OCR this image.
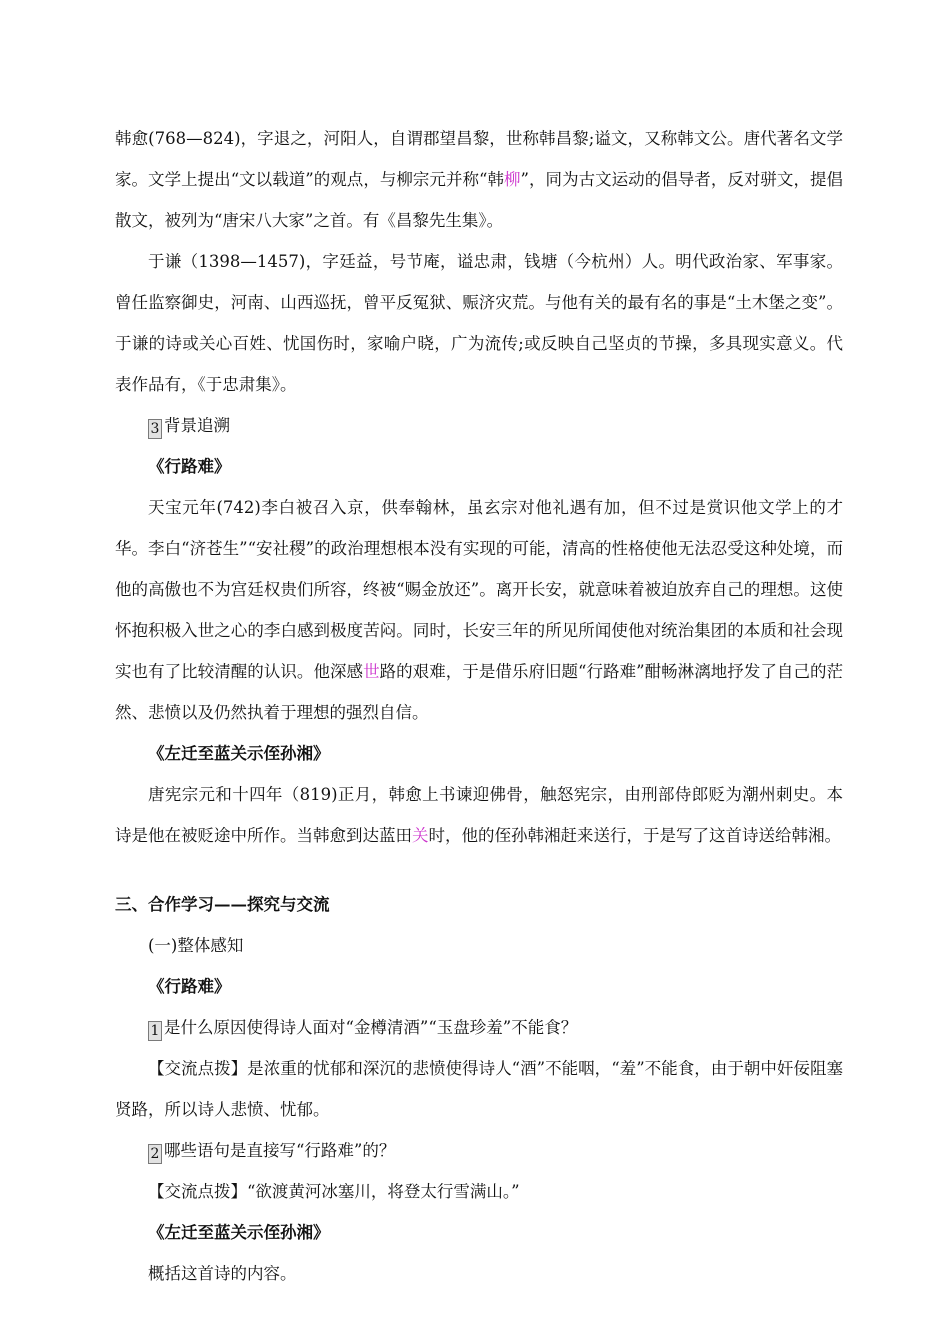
韩愈(768—824)，字退之，河阳人，自谓郡望昌黎，世称韩昌黎;谥文，又称韩文公。唐代著名文学家。文学上提出“文以载道”的观点，与柳宗元并称“韩柳”，同为古文运动的倡导者，反对骈文，提倡散文，被列为“唐宋八大家”之首。有《昌黎先生集》。

于谦（1398—1457)，字廷益，号节庵，谥忠肃，钱塘（今杭州）人。明代政治家、军事家。曾任监察御史，河南、山西巡抚，曾平反冤狱、赈济灾荒。与他有关的最有名的事是“土木堡之变”。于谦的诗或关心百姓、忧国伤时，家喻户晓，广为流传;或反映自己坚贞的节操，多具现实意义。代表作品有，《于忠肃集》。

3 背景追溯

《行路难》

天宝元年(742)李白被召入京，供奉翰林，虽玄宗对他礼遇有加，但不过是赏识他文学上的才华。李白“济苍生”“安社稷”的政治理想根本没有实现的可能，清高的性格使他无法忍受这种处境，而他的高傲也不为宫廷权贵们所容，终被“赐金放还”。离开长安，就意味着被迫放弃自己的理想。这使怀抱积极入世之心的李白感到极度苦闷。同时，长安三年的所见所闻使他对统治集团的本质和社会现实也有了比较清醒的认识。他深感世路的艰难，于是借乐府旧题“行路难”酣畅淋漓地抒发了自己的茫然、悲愤以及仍然执着于理想的强烈自信。

《左迁至蓝关示侄孙湘》

唐宪宗元和十四年（819)正月，韩愈上书谏迎佛骨，触怒宪宗，由刑部侍郎贬为潮州刺史。本诗是他在被贬途中所作。当韩愈到达蓝田关时，他的侄孙韩湘赶来送行，于是写了这首诗送给韩湘。

三、合作学习——探究与交流

(一)整体感知

《行路难》

1 是什么原因使得诗人面对“金樽清酒”“玉盘珍羞”不能食？

【交流点拨】是浓重的忧郁和深沉的悲愤使得诗人“酒”不能咽，“羞”不能食，由于朝中奸佞阻塞贤路，所以诗人悲愤、忧郁。

2 哪些语句是直接写“行路难”的？

【交流点拨】“欲渡黄河冰塞川，将登太行雪满山。”

《左迁至蓝关示侄孙湘》

概括这首诗的内容。
